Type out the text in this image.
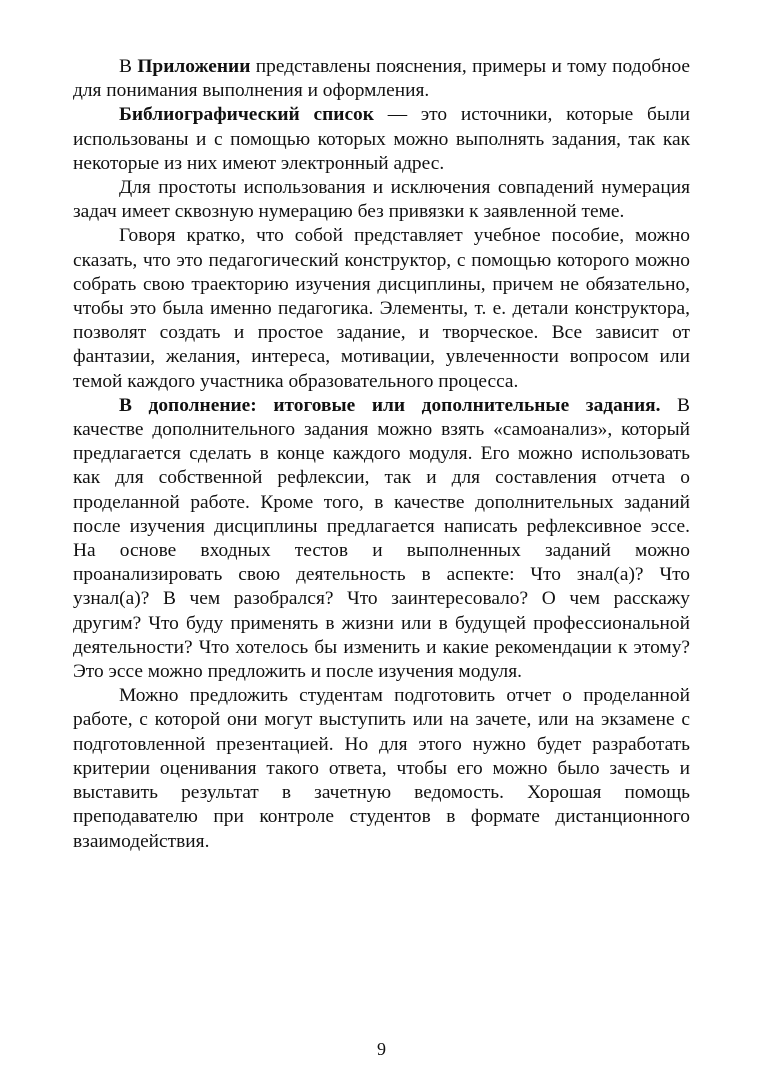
В Приложении представлены пояснения, примеры и тому подобное для понимания выполнения и оформления.

Библиографический список — это источники, которые были использованы и с помощью которых можно выполнять задания, так как некоторые из них имеют электронный адрес.

Для простоты использования и исключения совпадений нумерация задач имеет сквозную нумерацию без привязки к заявленной теме.

Говоря кратко, что собой представляет учебное пособие, можно сказать, что это педагогический конструктор, с помощью которого можно собрать свою траекторию изучения дисциплины, причем не обязательно, чтобы это была именно педагогика. Элементы, т. е. детали конструктора, позволят создать и простое задание, и творческое. Все зависит от фантазии, желания, интереса, мотивации, увлеченности вопросом или темой каждого участника образовательного процесса.

В дополнение: итоговые или дополнительные задания. В качестве дополнительного задания можно взять «самоанализ», который предлагается сделать в конце каждого модуля. Его можно использовать как для собственной рефлексии, так и для составления отчета о проделанной работе. Кроме того, в качестве дополнительных заданий после изучения дисциплины предлагается написать рефлексивное эссе. На основе входных тестов и выполненных заданий можно проанализировать свою деятельность в аспекте: Что знал(а)? Что узнал(а)? В чем разобрался? Что заинтересовало? О чем расскажу другим? Что буду применять в жизни или в будущей профессиональной деятельности? Что хотелось бы изменить и какие рекомендации к этому? Это эссе можно предложить и после изучения модуля.

Можно предложить студентам подготовить отчет о проделанной работе, с которой они могут выступить или на зачете, или на экзамене с подготовленной презентацией. Но для этого нужно будет разработать критерии оценивания такого ответа, чтобы его можно было зачесть и выставить результат в зачетную ведомость. Хорошая помощь преподавателю при контроле студентов в формате дистанционного взаимодействия.

9
